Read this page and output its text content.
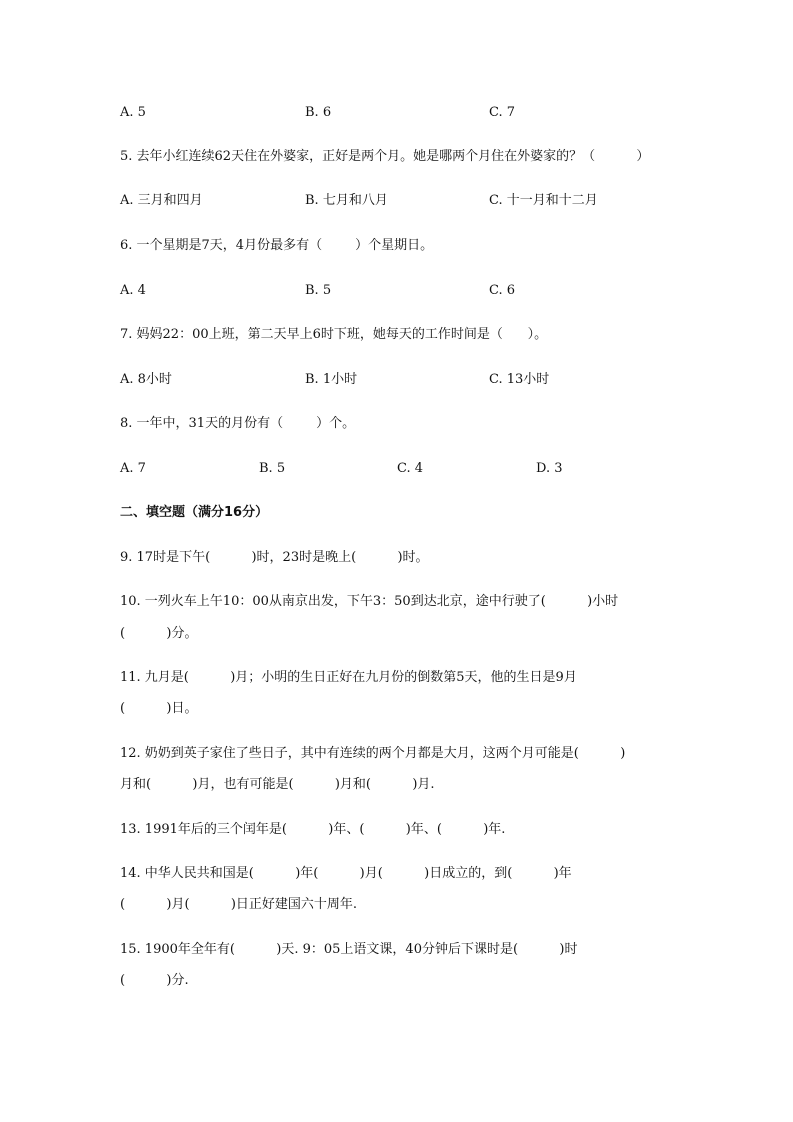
A. 5	B. 6	C. 7
5. 去年小红连续62天住在外婆家，正好是两个月。她是哪两个月住在外婆家的？（          ）
A. 三月和四月	B. 七月和八月	C. 十一月和十二月
6. 一个星期是7天，4月份最多有（        ）个星期日。
A. 4	B. 5	C. 6
7. 妈妈22：00上班，第二天早上6时下班，她每天的工作时间是（      ）。
A. 8小时	B. 1小时	C. 13小时
8. 一年中，31天的月份有（        ）个。
A. 7	B. 5	C. 4	D. 3
二、填空题（满分16分）
9. 17时是下午(          )时，23时是晚上(          )时。
10. 一列火车上午10：00从南京出发，下午3：50到达北京，途中行驶了(          )小时
(          )分。
11. 九月是(          )月；小明的生日正好在九月份的倒数第5天，他的生日是9月
(          )日。
12. 奶奶到英子家住了些日子，其中有连续的两个月都是大月，这两个月可能是(          )
月和(          )月，也有可能是(          )月和(          )月.
13. 1991年后的三个闰年是(          )年、(          )年、(          )年.
14. 中华人民共和国是(          )年(          )月(          )日成立的，到(          )年
(          )月(          )日正好建国六十周年.
15. 1900年全年有(          )天. 9：05上语文课，40分钟后下课时是(          )时
(          )分.
